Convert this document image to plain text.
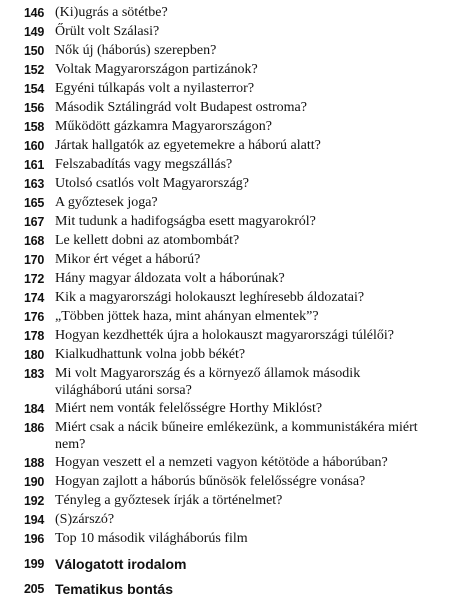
146 (Ki)ugrás a sötétbe?
149 Őrült volt Szálasi?
150 Nők új (háborús) szerepben?
152 Voltak Magyarországon partizánok?
154 Egyéni túlkapás volt a nyilasterror?
156 Második Sztálingrád volt Budapest ostroma?
158 Működött gázkamra Magyarországon?
160 Jártak hallgatók az egyetemekre a háború alatt?
161 Felszabadítás vagy megszállás?
163 Utolsó csatlós volt Magyarország?
165 A győztesek joga?
167 Mit tudunk a hadifogságba esett magyarokról?
168 Le kellett dobni az atombombát?
170 Mikor ért véget a háború?
172 Hány magyar áldozata volt a háborúnak?
174 Kik a magyarországi holokauszt leghíresebb áldozatai?
176 „Többen jöttek haza, mint ahányan elmentek”?
178 Hogyan kezdhették újra a holokauszt magyarországi túlélői?
180 Kialkudhattunk volna jobb békét?
183 Mi volt Magyarország és a környező államok második világháború utáni sorsa?
184 Miért nem vonták felelősségre Horthy Miklóst?
186 Miért csak a nácik bűneire emlékezünk, a kommunistákéra miért nem?
188 Hogyan veszett el a nemzeti vagyon kétötöde a háborúban?
190 Hogyan zajlott a háborús bűnösök felelősségre vonása?
192 Tényleg a győztesek írják a történelmet?
194 (S)zárszó?
196 Top 10 második világháborús film
199 Válogatott irodalom
205 Tematikus bontás
